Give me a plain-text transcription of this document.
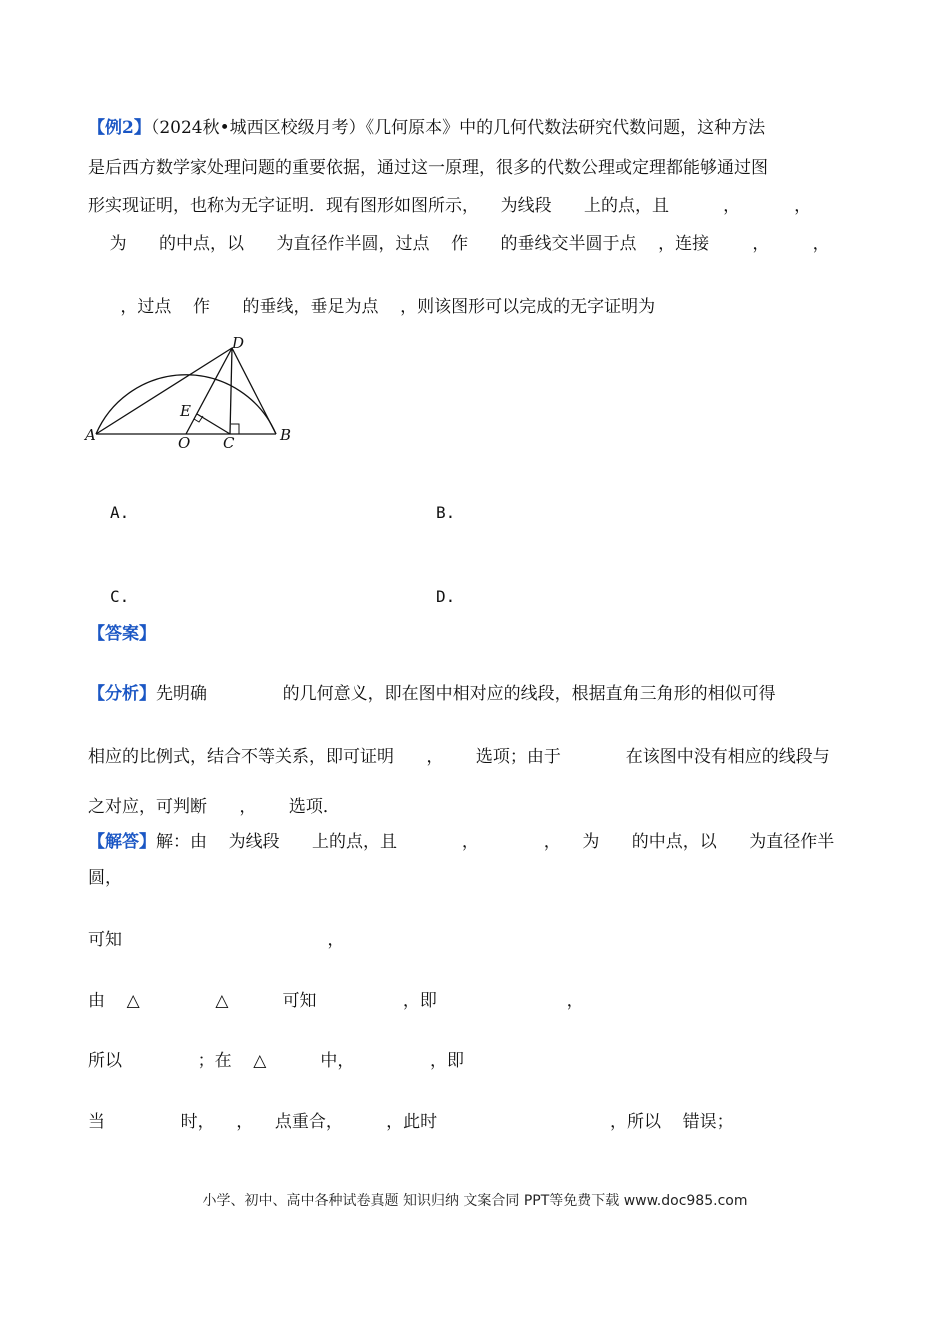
【例2】（2024秋•城西区校级月考）《几何原本》中的几何代数法研究代数问题，这种方法
是后西方数学家处理问题的重要依据，通过这一原理，很多的代数公理或定理都能够通过图
形实现证明，也称为无字证明．现有图形如图所示，    为线段      上的点，且          ，          ，
为      的中点，以      为直径作半圆，过点    作      的垂线交半圆于点    ，连接        ，        ，
，过点    作      的垂线，垂足为点    ，则该图形可以完成的无字证明为
A	O C	B
D
E
A.	B.
C.	D.
【答案】
【分析】先明确              的几何意义，即在图中相对应的线段，根据直角三角形的相似可得
相应的比例式，结合不等关系，即可证明      ，      选项；由于            在该图中没有相应的线段与
之对应，可判断      ，      选项．
【解答】解：由    为线段      上的点，且            ，            ，    为      的中点，以      为直径作半
圆，
可知                                      ，
由    △              △          可知                ，即                        ，
所以              ；在    △          中，              ，即
当              时，    ，    点重合，        ，此时                                ，所以    错误；
小学、初中、高中各种试卷真题 知识归纳 文案合同 PPT等免费下载 www.doc985.com
